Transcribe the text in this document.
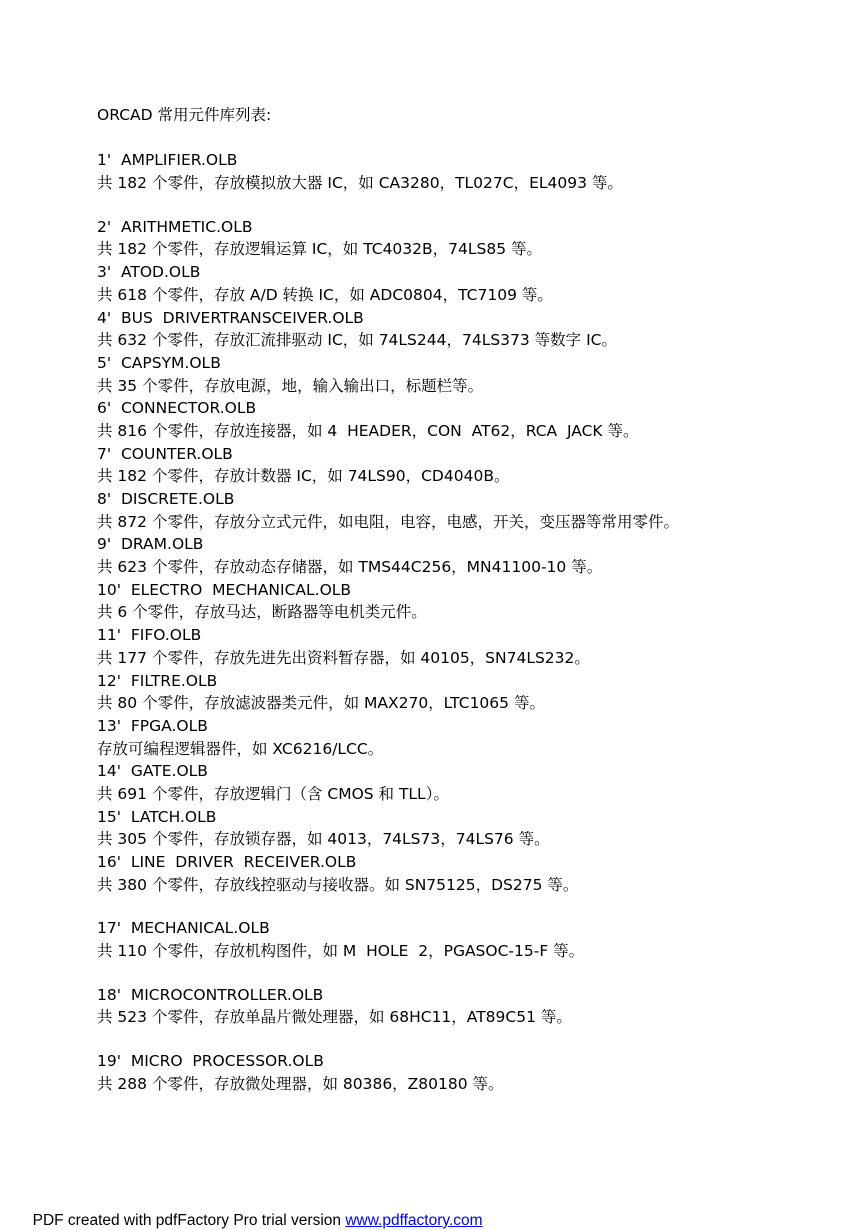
ORCAD 常用元件库列表:
1'  AMPLIFIER.OLB
共 182 个零件，存放模拟放大器 IC，如 CA3280，TL027C，EL4093 等。
2'  ARITHMETIC.OLB
共 182 个零件，存放逻辑运算 IC，如 TC4032B，74LS85 等。
3'  ATOD.OLB
共 618 个零件，存放 A/D 转换 IC，如 ADC0804，TC7109 等。
4'  BUS  DRIVERTRANSCEIVER.OLB
共 632 个零件，存放汇流排驱动 IC，如 74LS244，74LS373 等数字 IC。
5'  CAPSYM.OLB
共 35 个零件，存放电源，地，输入输出口，标题栏等。
6'  CONNECTOR.OLB
共 816 个零件，存放连接器，如 4  HEADER，CON  AT62，RCA  JACK 等。
7'  COUNTER.OLB
共 182 个零件，存放计数器 IC，如 74LS90，CD4040B。
8'  DISCRETE.OLB
共 872 个零件，存放分立式元件，如电阻，电容，电感，开关，变压器等常用零件。
9'  DRAM.OLB
共 623 个零件，存放动态存储器，如 TMS44C256，MN41100-10 等。
10'  ELECTRO  MECHANICAL.OLB
共 6 个零件，存放马达，断路器等电机类元件。
11'  FIFO.OLB
共 177 个零件，存放先进先出资料暂存器，如 40105，SN74LS232。
12'  FILTRE.OLB
共 80 个零件，存放滤波器类元件，如 MAX270，LTC1065 等。
13'  FPGA.OLB
存放可编程逻辑器件，如 XC6216/LCC。
14'  GATE.OLB
共 691 个零件，存放逻辑门（含 CMOS 和 TLL）。
15'  LATCH.OLB
共 305 个零件，存放锁存器，如 4013，74LS73，74LS76 等。
16'  LINE  DRIVER  RECEIVER.OLB
共 380 个零件，存放线控驱动与接收器。如 SN75125，DS275 等。
17'  MECHANICAL.OLB
共 110 个零件，存放机构图件，如 M  HOLE  2，PGASOC-15-F 等。
18'  MICROCONTROLLER.OLB
共 523 个零件，存放单晶片微处理器，如 68HC11，AT89C51 等。
19'  MICRO  PROCESSOR.OLB
共 288 个零件，存放微处理器，如 80386，Z80180 等。

PDF created with pdfFactory Pro trial version www.pdffactory.com
